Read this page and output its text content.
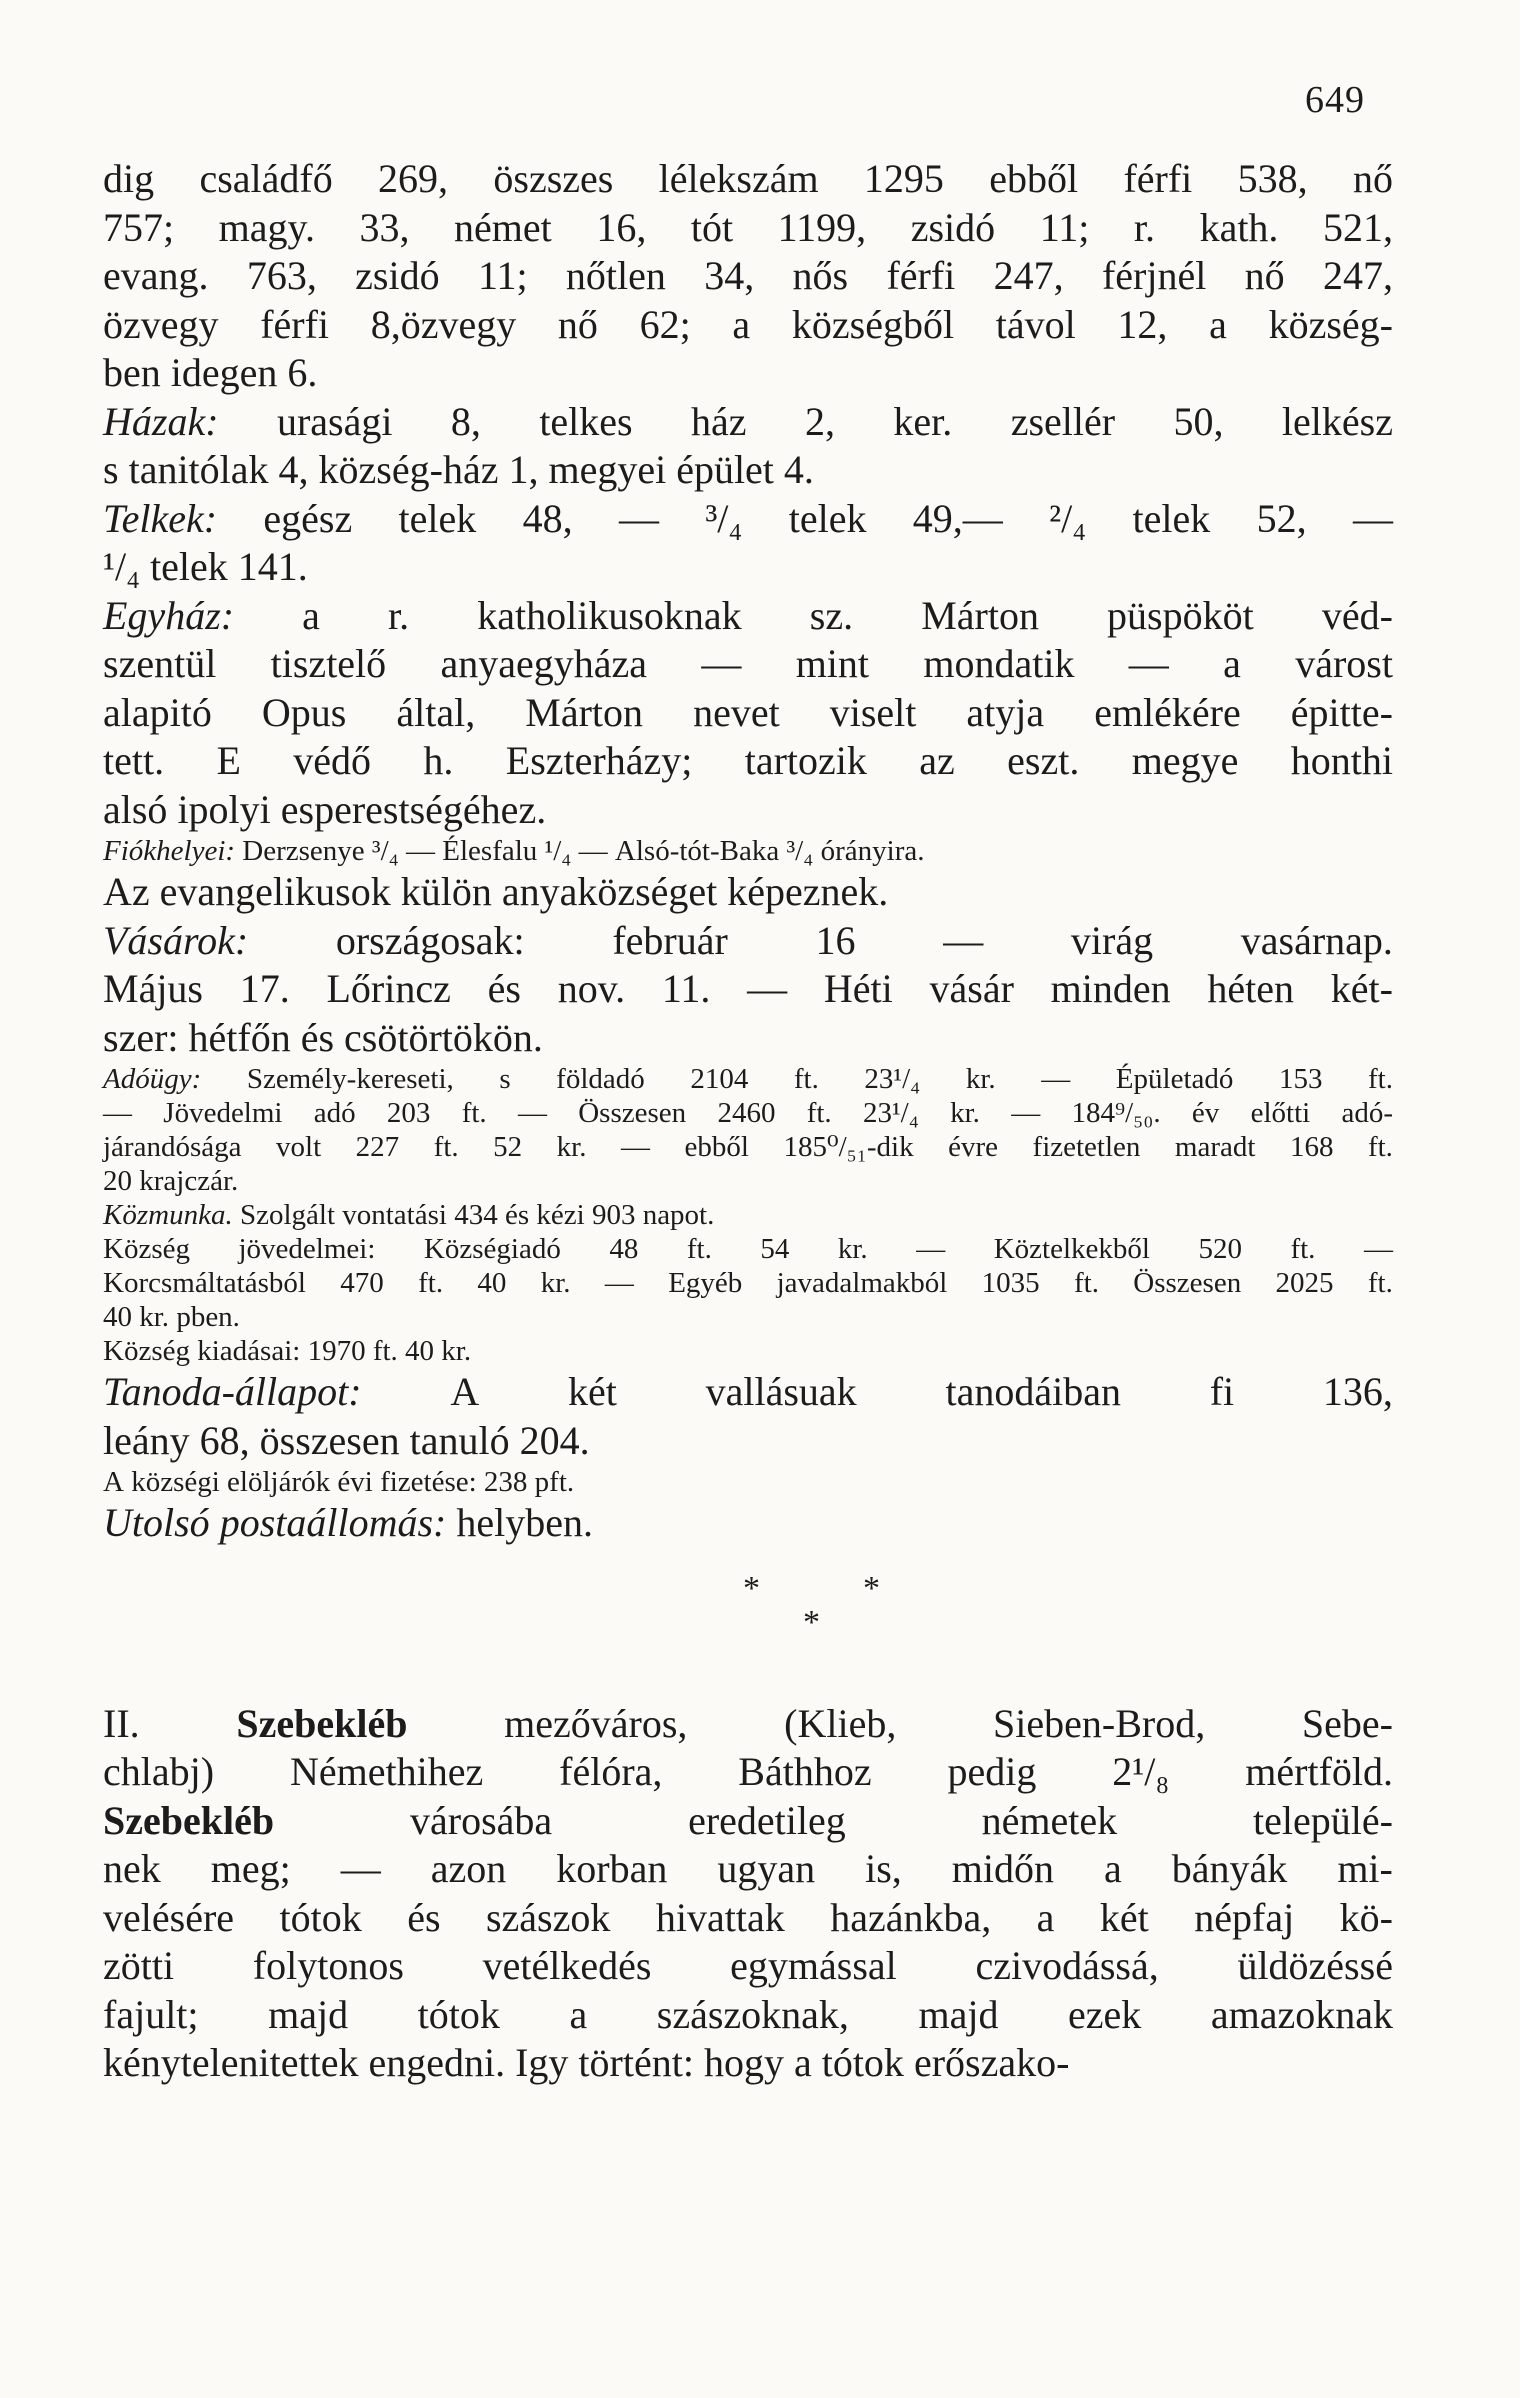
649
dig családfő 269, öszszes lélekszám 1295 ebből férfi 538, nő
757; magy. 33, német 16, tót 1199, zsidó 11; r. kath. 521,
evang. 763, zsidó 11; nőtlen 34, nős férfi 247, férjnél nő 247,
özvegy férfi 8,özvegy nő 62; a községből távol 12, a község-
ben
idegen
6.
Házak: urasági 8, telkes ház 2, ker. zsellér 50, lelkész
s
tanitólak
4,
község-ház
1,
megyei
épület
4.
Telkek: egész telek 48, — ³/₄ telek 49,— ²/₄ telek 52, —
¹/₄
telek
141.
Egyház: a r. katholikusoknak sz. Márton püspököt véd-
szentül tisztelő anyaegyháza — mint mondatik — a várost
alapitó Opus által, Márton nevet viselt atyja emlékére épitte-
tett. E védő h. Eszterházy; tartozik az eszt. megye honthi
alsó
ipolyi
esperestségéhez.
Fiókhelyei:
Derzsenye
³/₄
—
Élesfalu
¹/₄
—
Alsó-tót-Baka
³/₄
órányira.
Az
evangelikusok
külön
anyaközséget
képeznek.
Vásárok: országosak: február 16 — virág vasárnap.
Május 17. Lőrincz és nov. 11. — Héti vásár minden héten két-
szer:
hétfőn
és
csötörtökön.
Adóügy: Személy-kereseti, s földadó 2104 ft. 23¹/₄ kr. — Épületadó 153 ft.
— Jövedelmi adó 203 ft. — Összesen 2460 ft. 23¹/₄ kr. — 184⁹/₅₀. év előtti adó-
járandósága volt 227 ft. 52 kr. — ebből 185⁰/₅₁-dik évre fizetetlen maradt 168 ft.
20
krajczár.
Közmunka.
Szolgált
vontatási
434
és
kézi
903
napot.
Község jövedelmei: Községiadó 48 ft. 54 kr. — Köztelkekből 520 ft. —
Korcsmáltatásból 470 ft. 40 kr. — Egyéb javadalmakból 1035 ft. Összesen 2025 ft.
40
kr.
pben.
Község
kiadásai:
1970
ft.
40
kr.
Tanoda-állapot: A két vallásuak tanodáiban fi 136,
leány
68,
összesen
tanuló
204.
A
községi
elöljárók
évi
fizetése:
238
pft.
Utolsó
postaállomás:
helyben.
*	*
*
II. Szebekléb mezőváros, (Klieb, Sieben-Brod, Sebe-
chlabj) Némethihez félóra, Báthhoz pedig 2¹/₈ mértföld.
Szebekléb	városába	eredetileg	németek	települé-
nek meg; — azon korban ugyan is, midőn a bányák mi-
velésére tótok és szászok hivattak hazánkba, a két népfaj kö-
zötti folytonos vetélkedés egymással czivodássá, üldözéssé
fajult; majd tótok a szászoknak, majd ezek amazoknak
kénytelenitettek
engedni.
Igy
történt:
hogy
a
tótok
erőszako-
